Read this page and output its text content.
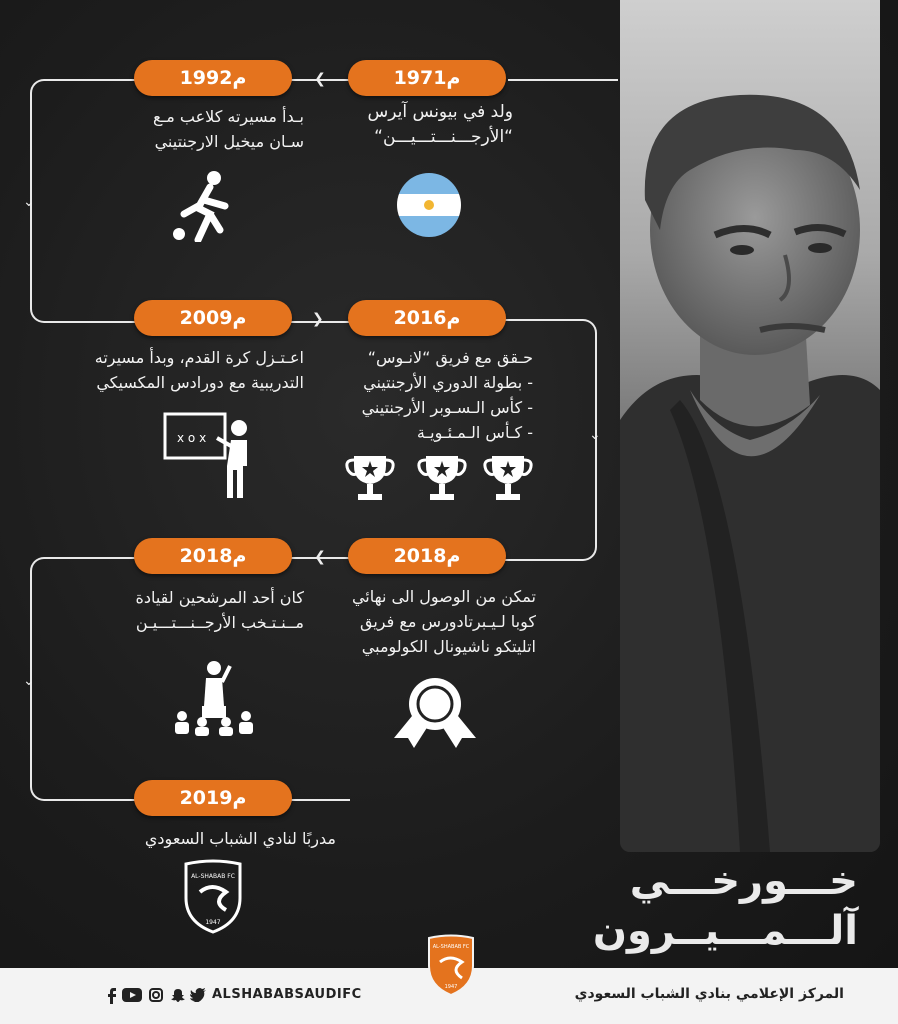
❮
⌄
❯
⌄
❮
⌄
1971م
1992م
2016م
2009م
2018م
2018م
2019م
ولد في بيونس آيرس
“الأرجـــنـــتـــيـــن“
بـدأ مسيرته كلاعب مـع
سـان ميخيل الارجنتيني
حـقق مع فريق “لانـوس“
- بطولة الدوري الأرجنتيني
- كأس الـسـوبر الأرجنتيني
- كـأس الـمـئـويـة
اعـتـزل كرة القدم، وبدأ مسيرته
التدريبية مع دورادس المكسيكي
تمكن من الوصول الى نهائي
كوبا لـيـبرتادورس مع فريق
اتليتكو ناشيونال الكولومبي
كان أحد المرشحين لقيادة
مــنـتـخب الأرجــنـــتـــيـن
مدربًا لنادي الشباب السعودي
x o x
AL-SHABAB FC
1947
خـــورخـــي
آلـــمـــيــرون
المركز الإعلامي بنادي الشباب السعودي
ALSHABABSAUDIFC
AL-SHABAB FC
1947
